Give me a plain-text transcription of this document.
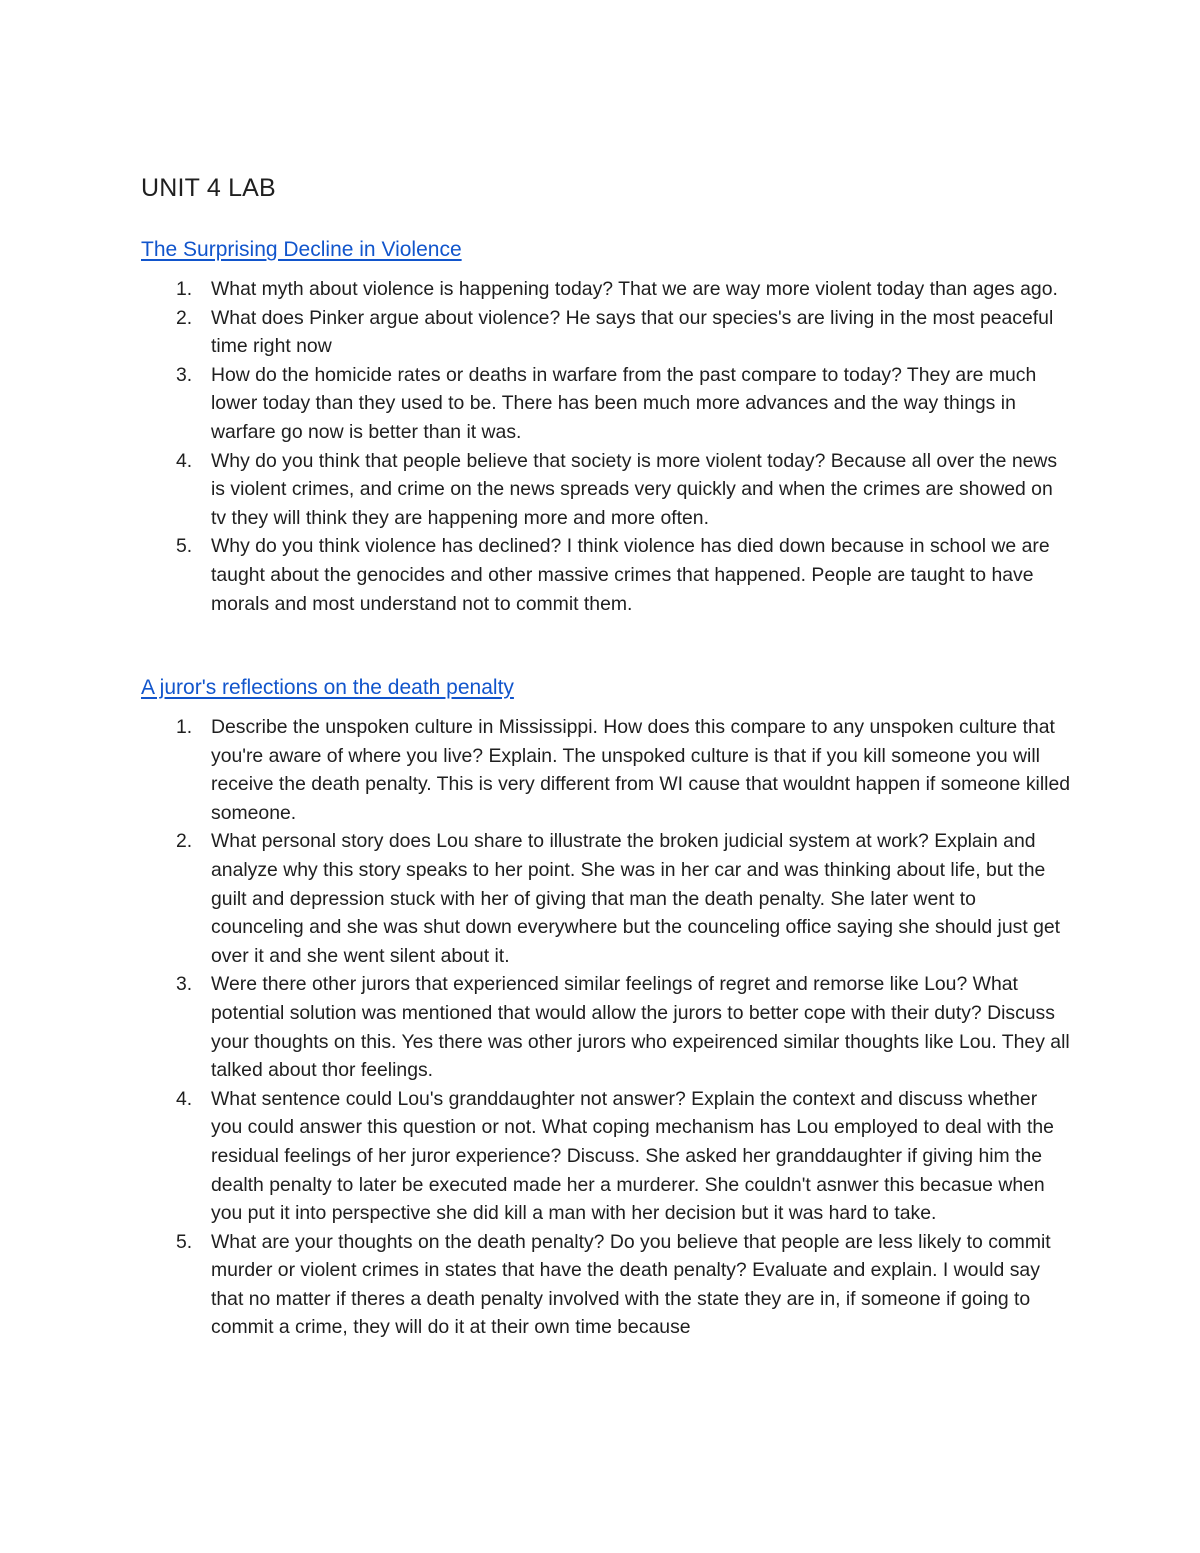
UNIT 4 LAB
The Surprising Decline in Violence
1. What myth about violence is happening today? That we are way more violent today than ages ago.
2. What does Pinker argue about violence? He says that our species's are living in the most peaceful time right now
3. How do the homicide rates or deaths in warfare from the past compare to today? They are much lower today than they used to be. There has been much more advances and the way things in warfare go now is better than it was.
4. Why do you think that people believe that society is more violent today? Because all over the news is violent crimes, and crime on the news spreads very quickly and when the crimes are showed on tv they will think they are happening more and more often.
5. Why do you think violence has declined? I think violence has died down because in school we are taught about the genocides and other massive crimes that happened. People are taught to have morals and most understand not to commit them.
A juror's reflections on the death penalty
1. Describe the unspoken culture in Mississippi. How does this compare to any unspoken culture that you're aware of where you live? Explain. The unspoked culture is that if you kill someone you will receive the death penalty. This is very different from WI cause that wouldnt happen if someone killed someone.
2. What personal story does Lou share to illustrate the broken judicial system at work? Explain and analyze why this story speaks to her point. She was in her car and was thinking about life, but the guilt and depression stuck with her of giving that man the death penalty. She later went to counceling and she was shut down everywhere but the counceling office saying she should just get over it and she went silent about it.
3. Were there other jurors that experienced similar feelings of regret and remorse like Lou? What potential solution was mentioned that would allow the jurors to better cope with their duty? Discuss your thoughts on this. Yes there was other jurors who expeirenced similar thoughts like Lou. They all talked about thor feelings.
4. What sentence could Lou's granddaughter not answer? Explain the context and discuss whether you could answer this question or not. What coping mechanism has Lou employed to deal with the residual feelings of her juror experience? Discuss. She asked her granddaughter if giving him the dealth penalty to later be executed made her a murderer. She couldn't asnwer this becasue when you put it into perspective she did kill a man with her decision but it was hard to take.
5. What are your thoughts on the death penalty? Do you believe that people are less likely to commit murder or violent crimes in states that have the death penalty? Evaluate and explain. I would say that no matter if theres a death penalty involved with the state they are in, if someone if going to commit a crime, they will do it at their own time because
